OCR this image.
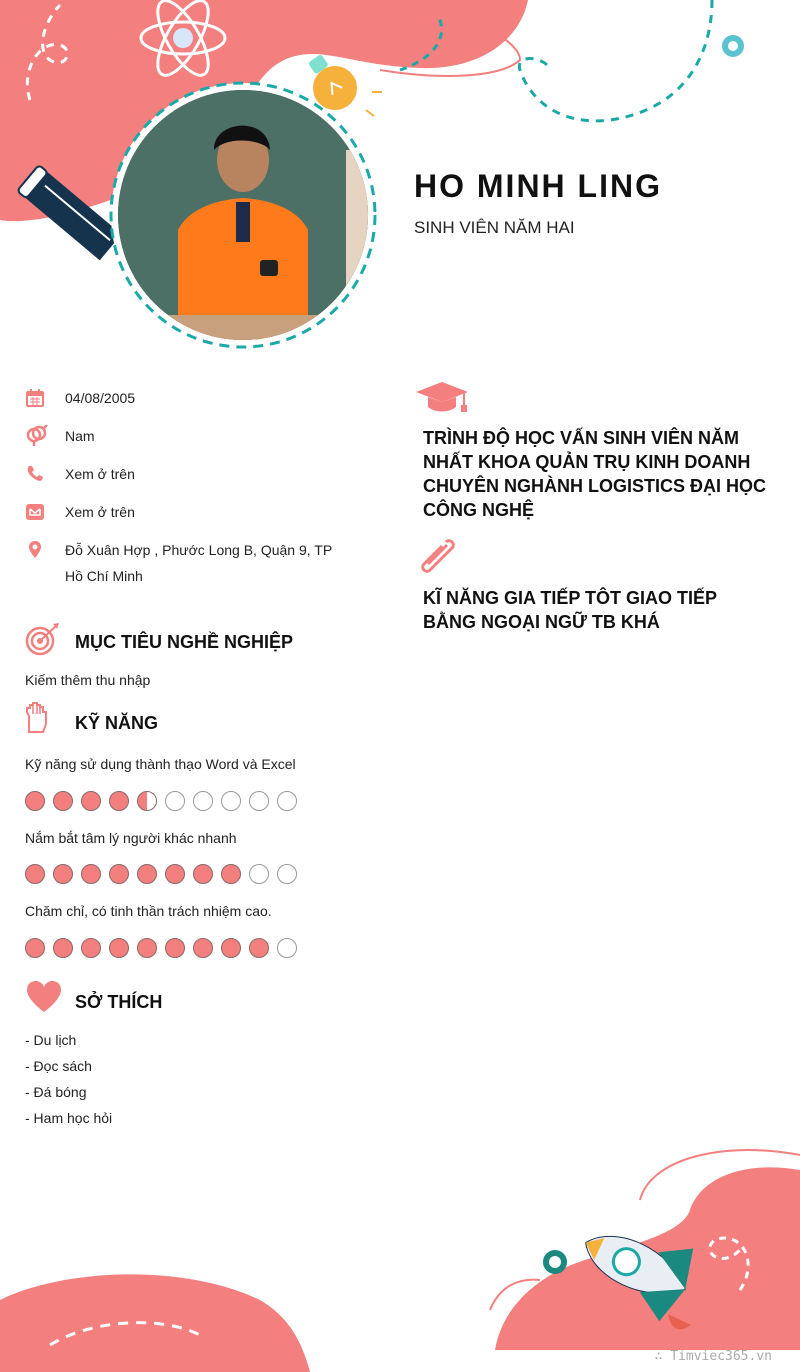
HO MINH LING
SINH VIÊN NĂM HAI
04/08/2005
Nam
Xem ở trên
Xem ở trên
Đỗ Xuân Hợp , Phước Long B, Quận 9, TP Hồ Chí Minh
MỤC TIÊU NGHỀ NGHIỆP
Kiếm thêm thu nhập
KỸ NĂNG
Kỹ năng sử dụng thành thạo Word và Excel
Nắm bắt tâm lý người khác nhanh
Chăm chỉ, có tinh thần trách nhiệm cao.
SỞ THÍCH
- Du lịch
- Đọc sách
- Đá bóng
- Ham học hỏi
TRÌNH ĐỘ HỌC VẤN SINH VIÊN NĂM NHẤT KHOA QUẢN TRỤ KINH DOANH CHUYÊN NGHÀNH LOGISTICS ĐẠI HỌC CÔNG NGHỆ
KĨ NĂNG GIA TIẾP TÔT GIAO TIẾP BẰNG NGOẠI NGỮ TB KHÁ
∴ Timviec365.vn
